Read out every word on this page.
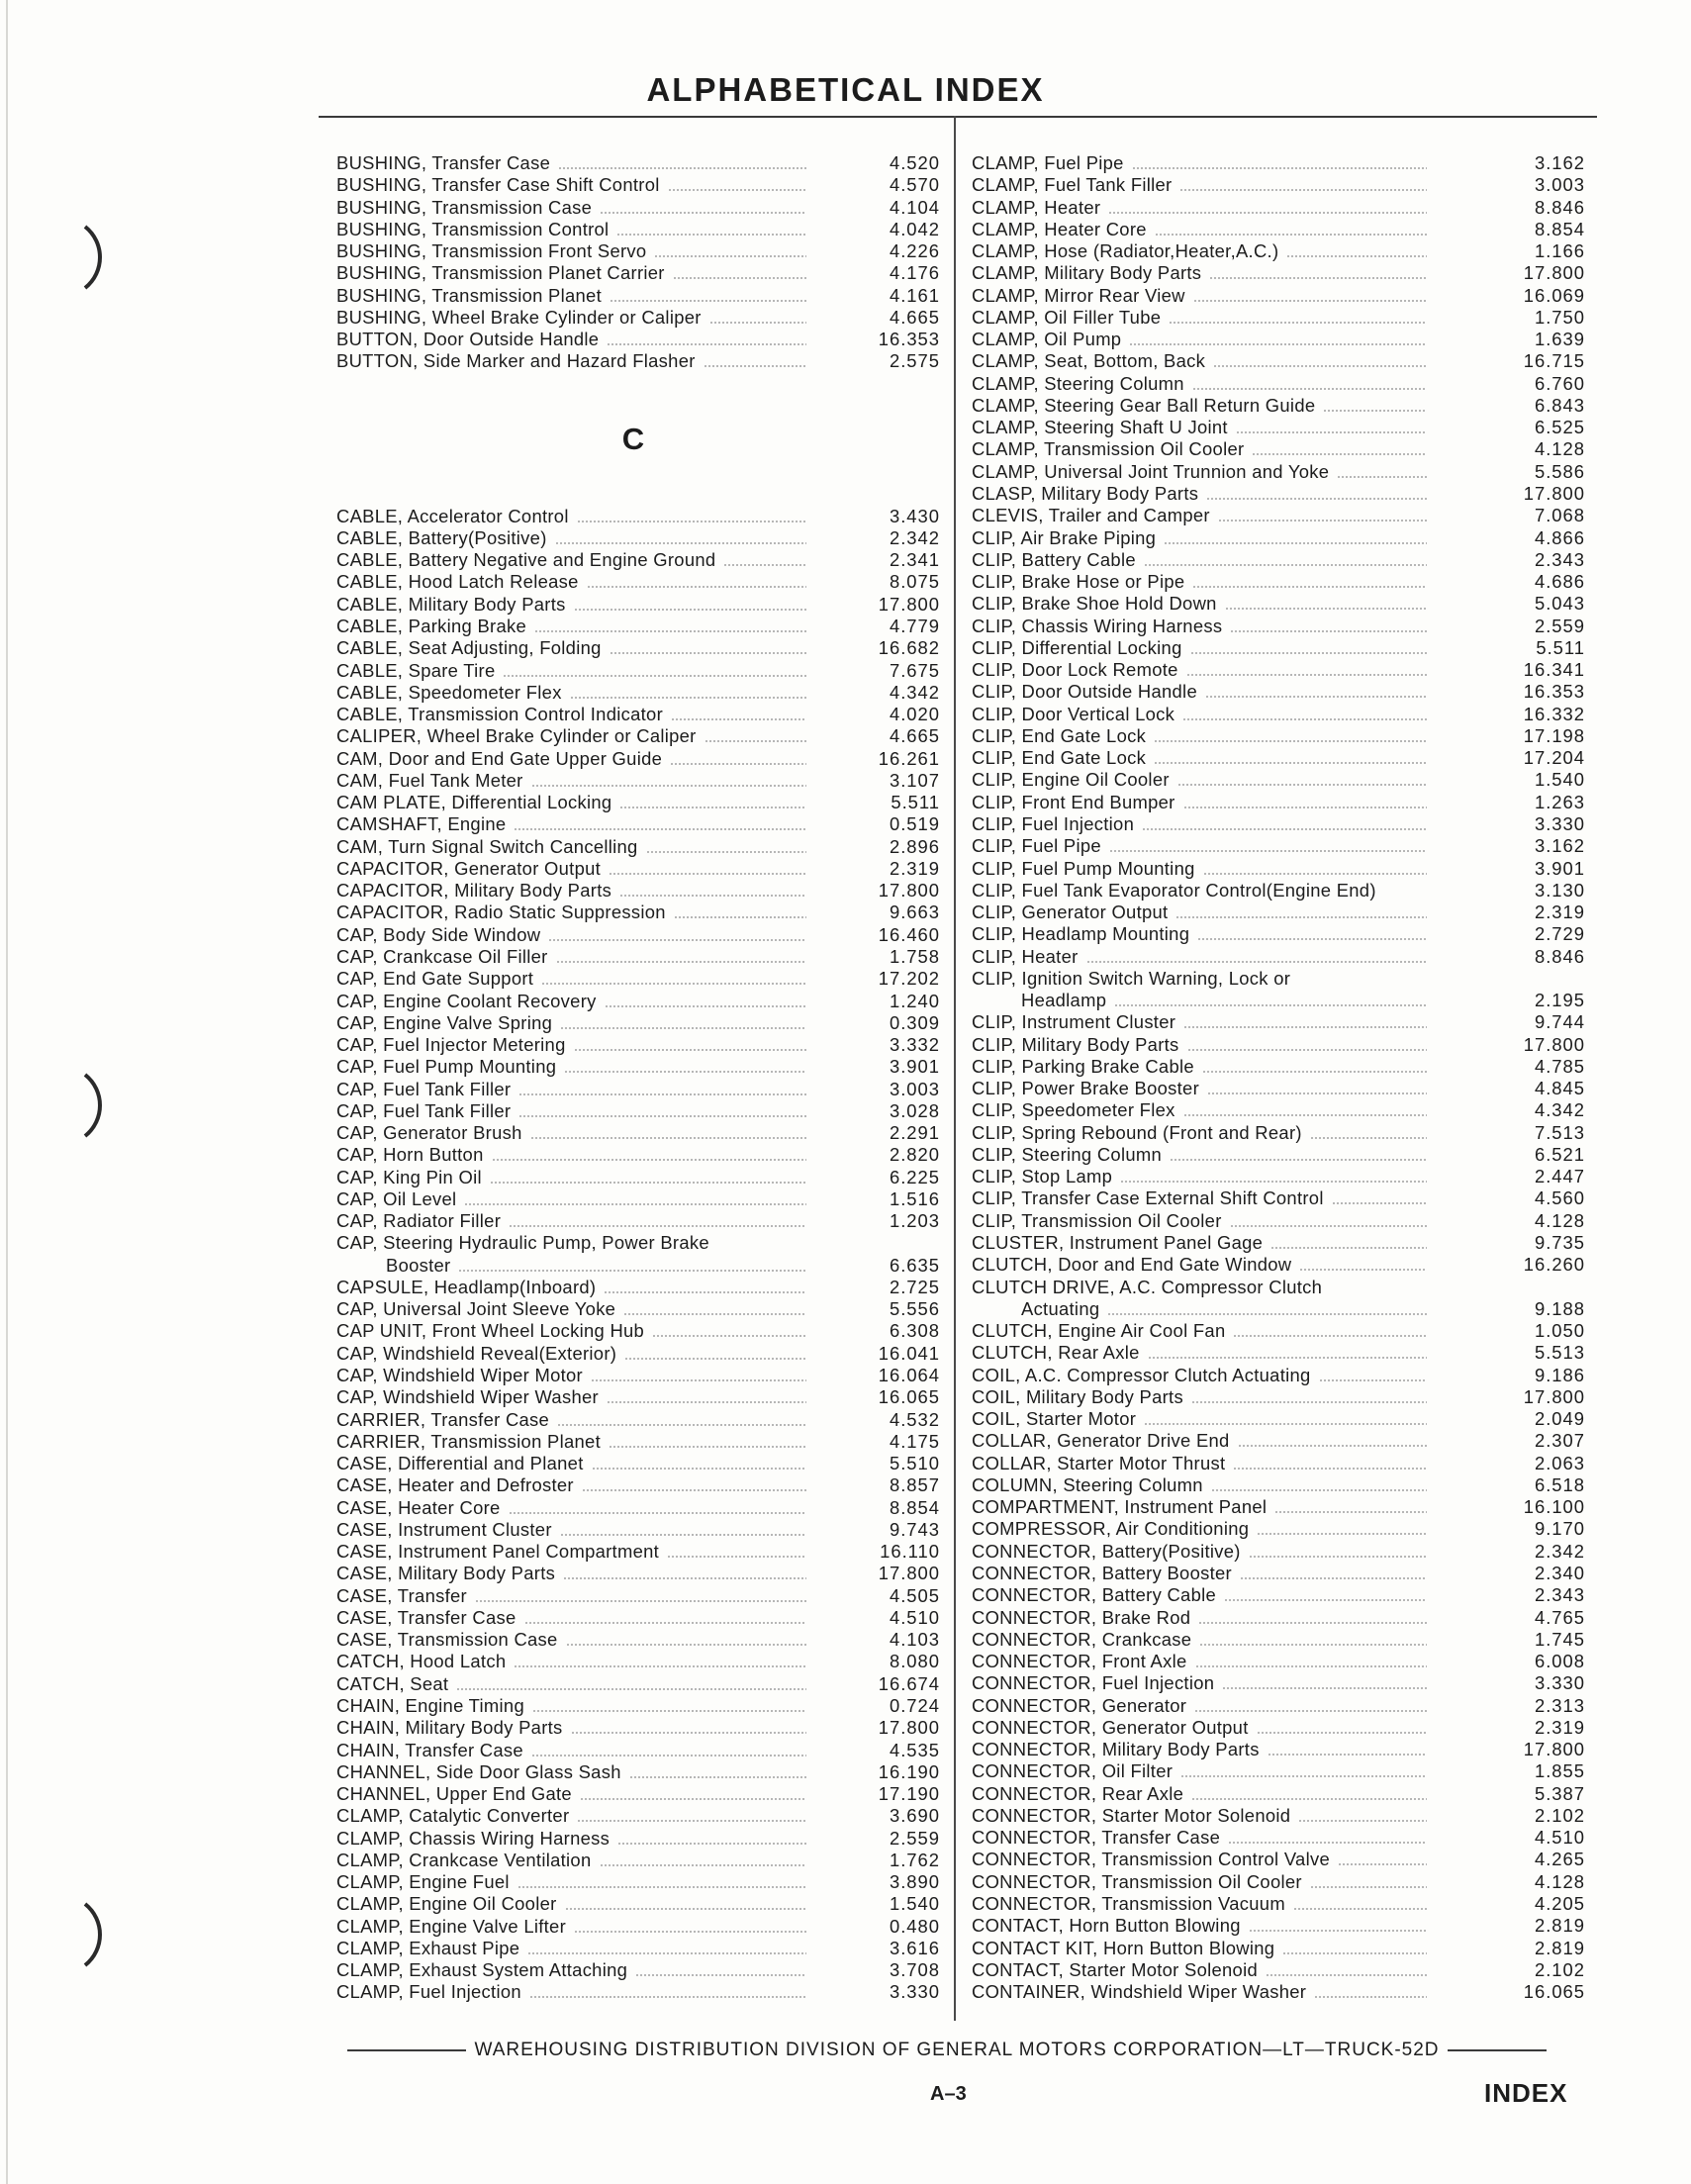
ALPHABETICAL INDEX
BUSHING, Transfer Case	4.520
BUSHING, Transfer Case Shift Control	4.570
BUSHING, Transmission Case	4.104
BUSHING, Transmission Control	4.042
BUSHING, Transmission Front Servo	4.226
BUSHING, Transmission Planet Carrier	4.176
BUSHING, Transmission Planet	4.161
BUSHING, Wheel Brake Cylinder or Caliper	4.665
BUTTON, Door Outside Handle	16.353
BUTTON, Side Marker and Hazard Flasher	2.575
C
CABLE, Accelerator Control	3.430
CABLE, Battery(Positive)	2.342
CABLE, Battery Negative and Engine Ground	2.341
CABLE, Hood Latch Release	8.075
CABLE, Military Body Parts	17.800
CABLE, Parking Brake	4.779
CABLE, Seat Adjusting, Folding	16.682
CABLE, Spare Tire	7.675
CABLE, Speedometer Flex	4.342
CABLE, Transmission Control Indicator	4.020
CALIPER, Wheel Brake Cylinder or Caliper	4.665
CAM, Door and End Gate Upper Guide	16.261
CAM, Fuel Tank Meter	3.107
CAM PLATE, Differential Locking	5.511
CAMSHAFT, Engine	0.519
CAM, Turn Signal Switch Cancelling	2.896
CAPACITOR, Generator Output	2.319
CAPACITOR, Military Body Parts	17.800
CAPACITOR, Radio Static Suppression	9.663
CAP, Body Side Window	16.460
CAP, Crankcase Oil Filler	1.758
CAP, End Gate Support	17.202
CAP, Engine Coolant Recovery	1.240
CAP, Engine Valve Spring	0.309
CAP, Fuel Injector Metering	3.332
CAP, Fuel Pump Mounting	3.901
CAP, Fuel Tank Filler	3.003
CAP, Fuel Tank Filler	3.028
CAP, Generator Brush	2.291
CAP, Horn Button	2.820
CAP, King Pin Oil	6.225
CAP, Oil Level	1.516
CAP, Radiator Filler	1.203
CAP, Steering Hydraulic Pump, Power Brake
Booster	6.635
CAPSULE, Headlamp(Inboard)	2.725
CAP, Universal Joint Sleeve Yoke	5.556
CAP UNIT, Front Wheel Locking Hub	6.308
CAP, Windshield Reveal(Exterior)	16.041
CAP, Windshield Wiper Motor	16.064
CAP, Windshield Wiper Washer	16.065
CARRIER, Transfer Case	4.532
CARRIER, Transmission Planet	4.175
CASE, Differential and Planet	5.510
CASE, Heater and Defroster	8.857
CASE, Heater Core	8.854
CASE, Instrument Cluster	9.743
CASE, Instrument Panel Compartment	16.110
CASE, Military Body Parts	17.800
CASE, Transfer	4.505
CASE, Transfer Case	4.510
CASE, Transmission Case	4.103
CATCH, Hood Latch	8.080
CATCH, Seat	16.674
CHAIN, Engine Timing	0.724
CHAIN, Military Body Parts	17.800
CHAIN, Transfer Case	4.535
CHANNEL, Side Door Glass Sash	16.190
CHANNEL, Upper End Gate	17.190
CLAMP, Catalytic Converter	3.690
CLAMP, Chassis Wiring Harness	2.559
CLAMP, Crankcase Ventilation	1.762
CLAMP, Engine Fuel	3.890
CLAMP, Engine Oil Cooler	1.540
CLAMP, Engine Valve Lifter	0.480
CLAMP, Exhaust Pipe	3.616
CLAMP, Exhaust System Attaching	3.708
CLAMP, Fuel Injection	3.330
CLAMP, Fuel Pipe	3.162
CLAMP, Fuel Tank Filler	3.003
CLAMP, Heater	8.846
CLAMP, Heater Core	8.854
CLAMP, Hose (Radiator,Heater,A.C.)	1.166
CLAMP, Military Body Parts	17.800
CLAMP, Mirror Rear View	16.069
CLAMP, Oil Filler Tube	1.750
CLAMP, Oil Pump	1.639
CLAMP, Seat, Bottom, Back	16.715
CLAMP, Steering Column	6.760
CLAMP, Steering Gear Ball Return Guide	6.843
CLAMP, Steering Shaft U Joint	6.525
CLAMP, Transmission Oil Cooler	4.128
CLAMP, Universal Joint Trunnion and Yoke	5.586
CLASP, Military Body Parts	17.800
CLEVIS, Trailer and Camper	7.068
CLIP, Air Brake Piping	4.866
CLIP, Battery Cable	2.343
CLIP, Brake Hose or Pipe	4.686
CLIP, Brake Shoe Hold Down	5.043
CLIP, Chassis Wiring Harness	2.559
CLIP, Differential Locking	5.511
CLIP, Door Lock Remote	16.341
CLIP, Door Outside Handle	16.353
CLIP, Door Vertical Lock	16.332
CLIP, End Gate Lock	17.198
CLIP, End Gate Lock	17.204
CLIP, Engine Oil Cooler	1.540
CLIP, Front End Bumper	1.263
CLIP, Fuel Injection	3.330
CLIP, Fuel Pipe	3.162
CLIP, Fuel Pump Mounting	3.901
CLIP, Fuel Tank Evaporator Control(Engine End)	3.130
CLIP, Generator Output	2.319
CLIP, Headlamp Mounting	2.729
CLIP, Heater	8.846
CLIP, Ignition Switch Warning, Lock or
Headlamp	2.195
CLIP, Instrument Cluster	9.744
CLIP, Military Body Parts	17.800
CLIP, Parking Brake Cable	4.785
CLIP, Power Brake Booster	4.845
CLIP, Speedometer Flex	4.342
CLIP, Spring Rebound (Front and Rear)	7.513
CLIP, Steering Column	6.521
CLIP, Stop Lamp	2.447
CLIP, Transfer Case External Shift Control	4.560
CLIP, Transmission Oil Cooler	4.128
CLUSTER, Instrument Panel Gage	9.735
CLUTCH, Door and End Gate Window	16.260
CLUTCH DRIVE, A.C. Compressor Clutch
Actuating	9.188
CLUTCH, Engine Air Cool Fan	1.050
CLUTCH, Rear Axle	5.513
COIL, A.C. Compressor Clutch Actuating	9.186
COIL, Military Body Parts	17.800
COIL, Starter Motor	2.049
COLLAR, Generator Drive End	2.307
COLLAR, Starter Motor Thrust	2.063
COLUMN, Steering Column	6.518
COMPARTMENT, Instrument Panel	16.100
COMPRESSOR, Air Conditioning	9.170
CONNECTOR, Battery(Positive)	2.342
CONNECTOR, Battery Booster	2.340
CONNECTOR, Battery Cable	2.343
CONNECTOR, Brake Rod	4.765
CONNECTOR, Crankcase	1.745
CONNECTOR, Front Axle	6.008
CONNECTOR, Fuel Injection	3.330
CONNECTOR, Generator	2.313
CONNECTOR, Generator Output	2.319
CONNECTOR, Military Body Parts	17.800
CONNECTOR, Oil Filter	1.855
CONNECTOR, Rear Axle	5.387
CONNECTOR, Starter Motor Solenoid	2.102
CONNECTOR, Transfer Case	4.510
CONNECTOR, Transmission Control Valve	4.265
CONNECTOR, Transmission Oil Cooler	4.128
CONNECTOR, Transmission Vacuum	4.205
CONTACT, Horn Button Blowing	2.819
CONTACT KIT, Horn Button Blowing	2.819
CONTACT, Starter Motor Solenoid	2.102
CONTAINER, Windshield Wiper Washer	16.065
WAREHOUSING DISTRIBUTION DIVISION OF GENERAL MOTORS CORPORATION—LT—TRUCK-52D
A–3	INDEX
